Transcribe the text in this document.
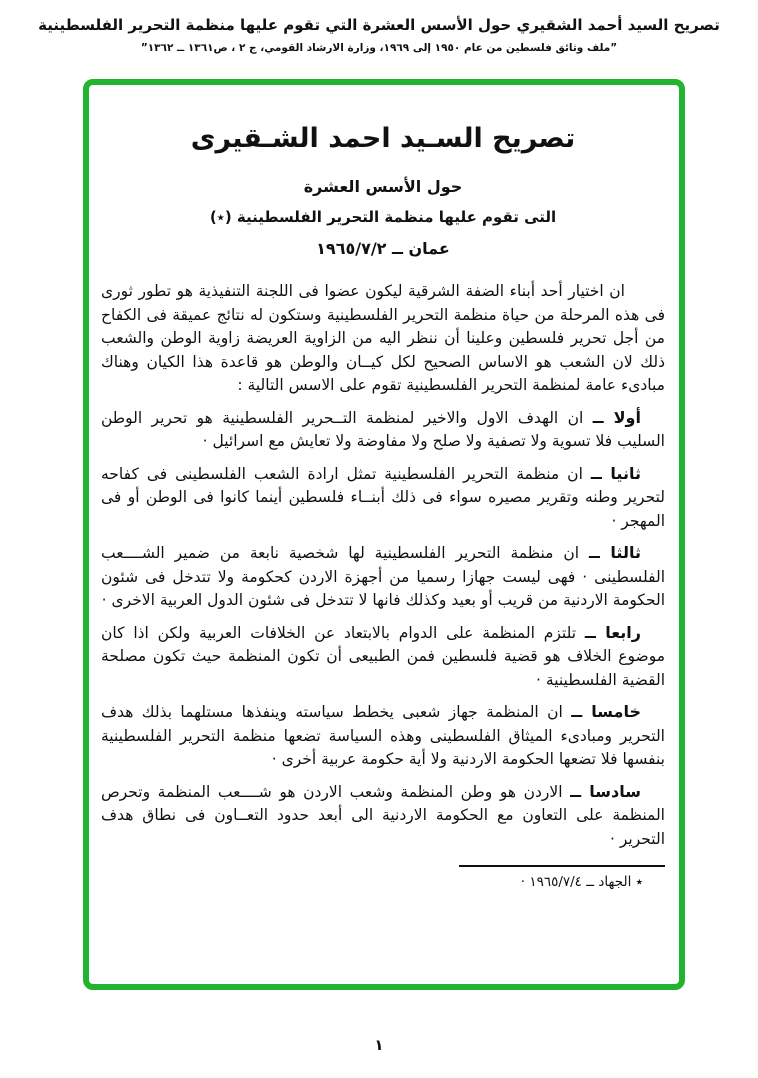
تصريح السيد أحمد الشقيري حول الأسس العشرة التي تقوم عليها منظمة التحرير الفلسطينية
”ملف وثائق فلسطين من عام ١٩٥٠ إلى ١٩٦٩، وزارة الارشاد القومي، ج ٢ ، ص١٣٦١ ــ ١٣٦٢”
تصريح السـيد احمد الشـقيرى
حول الأسس العشرة
التى تقوم عليها منظمة التحرير الفلسطينية (٭)
عمان ــ ١٩٦٥/٧/٢

ان اختيار أحد أبناء الضفة الشرقية ليكون عضوا فى اللجنة التنفيذية هو تطور ثورى فى هذه المرحلة من حياة منظمة التحرير الفلسطينية وستكون له نتائج عميقة فى الكفاح من أجل تحرير فلسطين وعلينا أن ننظر اليه من الزاوية العريضة زاوية الوطن والشعب ذلك لان الشعب هو الاساس الصحيح لكل كيــان والوطن هو قاعدة هذا الكيان وهناك مبادىء عامة لمنظمة التحرير الفلسطينية تقوم على الاسس التالية :

أولا ــ ان الهدف الاول والاخير لمنظمة التــحرير الفلسطينية هو تحرير الوطن السليب فلا تسوية ولا تصفية ولا صلح ولا مفاوضة ولا تعايش مع اسرائيل ·

ثانيا ــ ان منظمة التحرير الفلسطينية تمثل ارادة الشعب الفلسطينى فى كفاحه لتحرير وطنه وتقرير مصيره سواء فى ذلك أبنــاء فلسطين أينما كانوا فى الوطن أو فى المهجر ·

ثالثا ــ ان منظمة التحرير الفلسطينية لها شخصية نابعة من ضمير الشــــعب الفلسطينى · فهى ليست جهازا رسميا من أجهزة الاردن كحكومة ولا تتدخل فى شئون الحكومة الاردنية من قريب أو بعيد وكذلك فانها لا تتدخل فى شئون الدول العربية الاخرى ·

رابعا ــ تلتزم المنظمة على الدوام بالابتعاد عن الخلافات العربية ولكن اذا كان موضوع الخلاف هو قضية فلسطين فمن الطبيعى أن تكون المنظمة حيث تكون مصلحة القضية الفلسطينية ·

خامسا ــ ان المنظمة جهاز شعبى يخطط سياسته وينفذها مستلهما بذلك هدف التحرير ومبادىء الميثاق الفلسطينى وهذه السياسة تضعها منظمة التحرير الفلسطينية بنفسها فلا تضعها الحكومة الاردنية ولا أية حكومة عربية أخرى ·

سادسا ــ الاردن هو وطن المنظمة وشعب الاردن هو شــــعب المنظمة وتحرص المنظمة على التعاون مع الحكومة الاردنية الى أبعد حدود التعــاون فى نطاق هدف التحرير ·

٭ الجهاد ــ ١٩٦٥/٧/٤ ·
١
